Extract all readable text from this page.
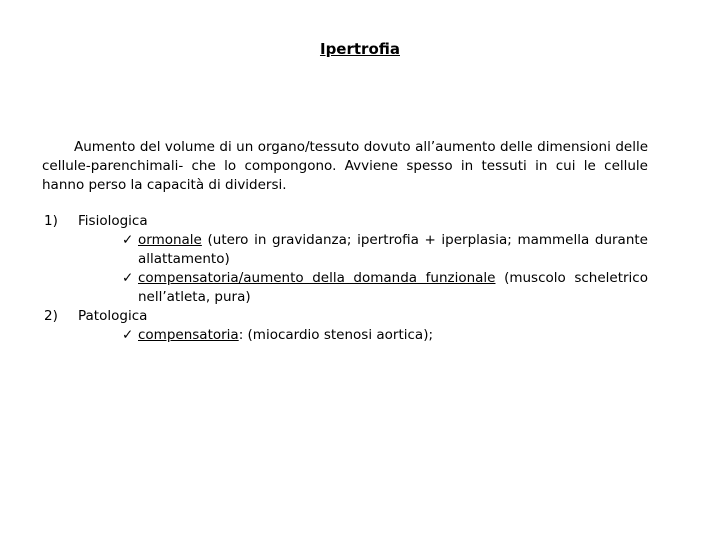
Ipertrofia

Aumento del volume di un organo/tessuto dovuto all’aumento delle dimensioni delle cellule-parenchimali- che lo compongono. Avviene spesso in tessuti in cui le cellule hanno perso la capacità di dividersi.

1) Fisiologica
✓ ormonale (utero in gravidanza; ipertrofia + iperplasia; mammella durante allattamento)
✓ compensatoria/aumento della domanda funzionale (muscolo scheletrico nell’atleta, pura)
2) Patologica
✓ compensatoria: (miocardio stenosi aortica);
